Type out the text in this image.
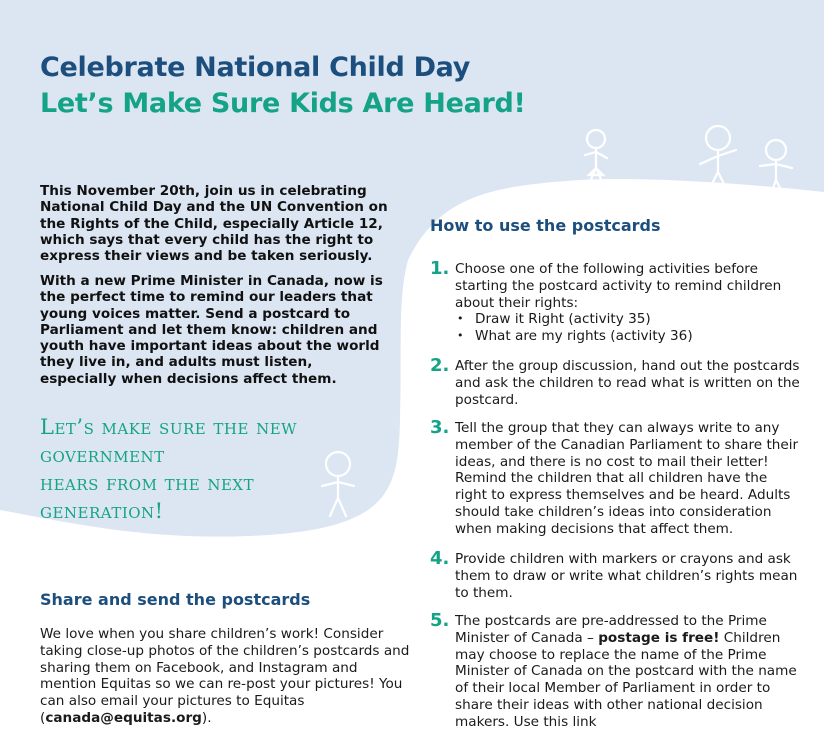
Celebrate National Child Day
Let’s Make Sure Kids Are Heard!
This November 20th, join us in celebrating National Child Day and the UN Convention on the Rights of the Child, especially Article 12, which says that every child has the right to express their views and be taken seriously.
With a new Prime Minister in Canada, now is the perfect time to remind our leaders that young voices matter. Send a postcard to Parliament and let them know: children and youth have important ideas about the world they live in, and adults must listen, especially when decisions affect them.
Let’s make sure the new government
hears from the next generation!
Share and send the postcards
We love when you share children’s work! Consider taking close-up photos of the children’s postcards and sharing them on Facebook, and Instagram and mention Equitas so we can re-post your pictures! You can also email your pictures to Equitas (canada@equitas.org).
How to use the postcards
1. Choose one of the following activities before starting the postcard activity to remind children about their rights:
• Draw it Right (activity 35)
• What are my rights (activity 36)
2. After the group discussion, hand out the postcards and ask the children to read what is written on the postcard.
3. Tell the group that they can always write to any member of the Canadian Parliament to share their ideas, and there is no cost to mail their letter! Remind the children that all children have the right to express themselves and be heard. Adults should take children’s ideas into consideration when making decisions that affect them.
4. Provide children with markers or crayons and ask them to draw or write what children’s rights mean to them.
5. The postcards are pre-addressed to the Prime Minister of Canada – postage is free! Children may choose to replace the name of the Prime Minister of Canada on the postcard with the name of their local Member of Parliament in order to share their ideas with other national decision makers. Use this link
